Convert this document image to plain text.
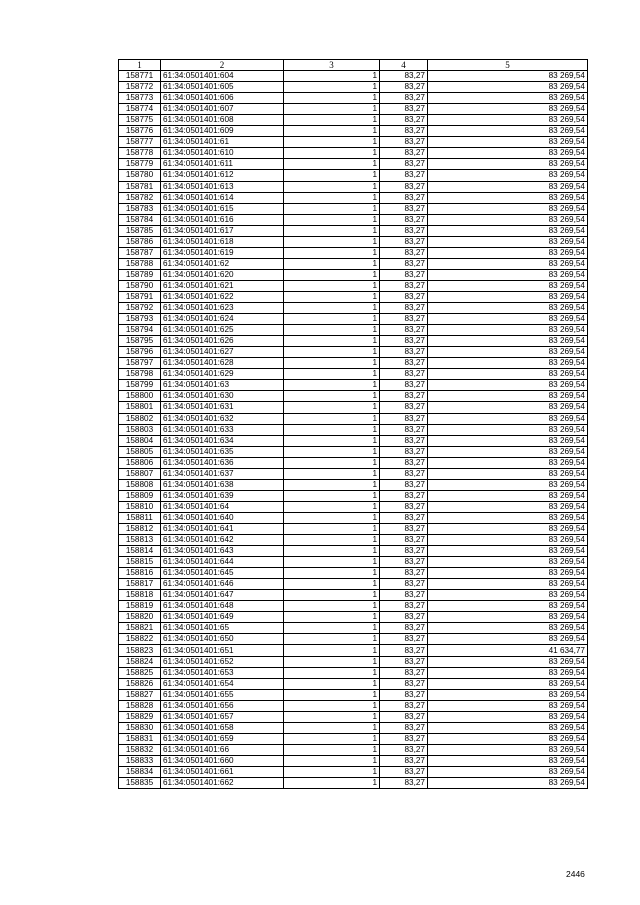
1	2	3	4	5
158771	61:34:0501401:604	1	83,27	83 269,54
158772	61:34:0501401:605	1	83,27	83 269,54
158773	61:34:0501401:606	1	83,27	83 269,54
158774	61:34:0501401:607	1	83,27	83 269,54
158775	61:34:0501401:608	1	83,27	83 269,54
158776	61:34:0501401:609	1	83,27	83 269,54
158777	61:34:0501401:61	1	83,27	83 269,54
158778	61:34:0501401:610	1	83,27	83 269,54
158779	61:34:0501401:611	1	83,27	83 269,54
158780	61:34:0501401:612	1	83,27	83 269,54
158781	61:34:0501401:613	1	83,27	83 269,54
158782	61:34:0501401:614	1	83,27	83 269,54
158783	61:34:0501401:615	1	83,27	83 269,54
158784	61:34:0501401:616	1	83,27	83 269,54
158785	61:34:0501401:617	1	83,27	83 269,54
158786	61:34:0501401:618	1	83,27	83 269,54
158787	61:34:0501401:619	1	83,27	83 269,54
158788	61:34:0501401:62	1	83,27	83 269,54
158789	61:34:0501401:620	1	83,27	83 269,54
158790	61:34:0501401:621	1	83,27	83 269,54
158791	61:34:0501401:622	1	83,27	83 269,54
158792	61:34:0501401:623	1	83,27	83 269,54
158793	61:34:0501401:624	1	83,27	83 269,54
158794	61:34:0501401:625	1	83,27	83 269,54
158795	61:34:0501401:626	1	83,27	83 269,54
158796	61:34:0501401:627	1	83,27	83 269,54
158797	61:34:0501401:628	1	83,27	83 269,54
158798	61:34:0501401:629	1	83,27	83 269,54
158799	61:34:0501401:63	1	83,27	83 269,54
158800	61:34:0501401:630	1	83,27	83 269,54
158801	61:34:0501401:631	1	83,27	83 269,54
158802	61:34:0501401:632	1	83,27	83 269,54
158803	61:34:0501401:633	1	83,27	83 269,54
158804	61:34:0501401:634	1	83,27	83 269,54
158805	61:34:0501401:635	1	83,27	83 269,54
158806	61:34:0501401:636	1	83,27	83 269,54
158807	61:34:0501401:637	1	83,27	83 269,54
158808	61:34:0501401:638	1	83,27	83 269,54
158809	61:34:0501401:639	1	83,27	83 269,54
158810	61:34:0501401:64	1	83,27	83 269,54
158811	61:34:0501401:640	1	83,27	83 269,54
158812	61:34:0501401:641	1	83,27	83 269,54
158813	61:34:0501401:642	1	83,27	83 269,54
158814	61:34:0501401:643	1	83,27	83 269,54
158815	61:34:0501401:644	1	83,27	83 269,54
158816	61:34:0501401:645	1	83,27	83 269,54
158817	61:34:0501401:646	1	83,27	83 269,54
158818	61:34:0501401:647	1	83,27	83 269,54
158819	61:34:0501401:648	1	83,27	83 269,54
158820	61:34:0501401:649	1	83,27	83 269,54
158821	61:34:0501401:65	1	83,27	83 269,54
158822	61:34:0501401:650	1	83,27	83 269,54
158823	61:34:0501401:651	1	83,27	41 634,77
158824	61:34:0501401:652	1	83,27	83 269,54
158825	61:34:0501401:653	1	83,27	83 269,54
158826	61:34:0501401:654	1	83,27	83 269,54
158827	61:34:0501401:655	1	83,27	83 269,54
158828	61:34:0501401:656	1	83,27	83 269,54
158829	61:34:0501401:657	1	83,27	83 269,54
158830	61:34:0501401:658	1	83,27	83 269,54
158831	61:34:0501401:659	1	83,27	83 269,54
158832	61:34:0501401:66	1	83,27	83 269,54
158833	61:34:0501401:660	1	83,27	83 269,54
158834	61:34:0501401:661	1	83,27	83 269,54
158835	61:34:0501401:662	1	83,27	83 269,54
2446
